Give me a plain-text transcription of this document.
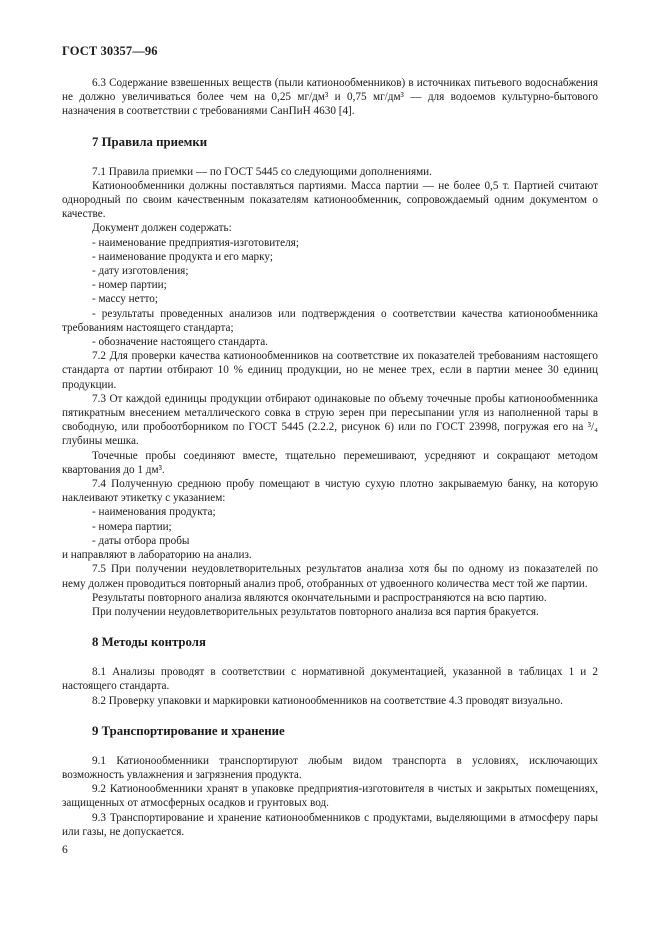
ГОСТ 30357—96

6.3 Содержание взвешенных веществ (пыли катионообменников) в источниках питьевого водоснабжения не должно увеличиваться более чем на 0,25 мг/дм³ и 0,75 мг/дм³ — для водоемов культурно-бытового назначения в соответствии с требованиями СанПиН 4630 [4].

7 Правила приемки

7.1 Правила приемки — по ГОСТ 5445 со следующими дополнениями.

Катионообменники должны поставляться партиями. Масса партии — не более 0,5 т. Партией считают однородный по своим качественным показателям катионообменник, сопровождаемый одним документом о качестве.

Документ должен содержать:

- наименование предприятия-изготовителя;

- наименование продукта и его марку;

- дату изготовления;

- номер партии;

- массу нетто;

- результаты проведенных анализов или подтверждения о соответствии качества катионообменника требованиям настоящего стандарта;

- обозначение настоящего стандарта.

7.2 Для проверки качества катионообменников на соответствие их показателей требованиям настоящего стандарта от партии отбирают 10 % единиц продукции, но не менее трех, если в партии менее 30 единиц продукции.

7.3 От каждой единицы продукции отбирают одинаковые по объему точечные пробы катионообменника пятикратным внесением металлического совка в струю зерен при пересыпании угля из наполненной тары в свободную, или пробоотборником по ГОСТ 5445 (2.2.2, рисунок 6) или по ГОСТ 23998, погружая его на ³/₄ глубины мешка.

Точечные пробы соединяют вместе, тщательно перемешивают, усредняют и сокращают методом квартования до 1 дм³.

7.4 Полученную среднюю пробу помещают в чистую сухую плотно закрываемую банку, на которую наклеивают этикетку с указанием:

- наименования продукта;

- номера партии;

- даты отбора пробы

и направляют в лабораторию на анализ.

7.5 При получении неудовлетворительных результатов анализа хотя бы по одному из показателей по нему должен проводиться повторный анализ проб, отобранных от удвоенного количества мест той же партии.

Результаты повторного анализа являются окончательными и распространяются на всю партию.

При получении неудовлетворительных результатов повторного анализа вся партия бракуется.

8 Методы контроля

8.1 Анализы проводят в соответствии с нормативной документацией, указанной в таблицах 1 и 2 настоящего стандарта.

8.2 Проверку упаковки и маркировки катионообменников на соответствие 4.3 проводят визуально.

9 Транспортирование и хранение

9.1 Катионообменники транспортируют любым видом транспорта в условиях, исключающих возможность увлажнения и загрязнения продукта.

9.2 Катионообменники хранят в упаковке предприятия-изготовителя в чистых и закрытых помещениях, защищенных от атмосферных осадков и грунтовых вод.

9.3 Транспортирование и хранение катионообменников с продуктами, выделяющими в атмосферу пары или газы, не допускается.

6
